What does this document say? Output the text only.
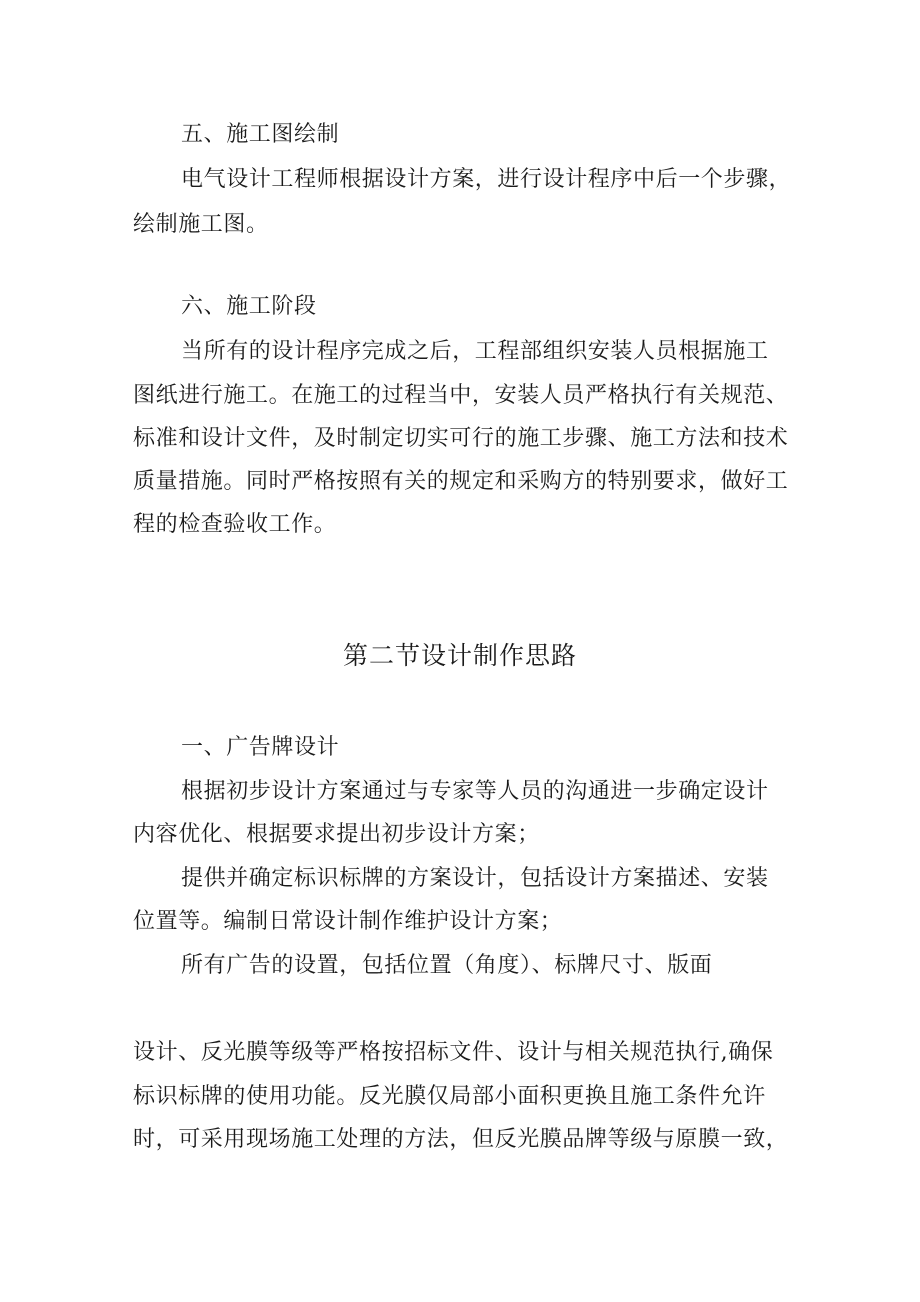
五、施工图绘制
电气设计工程师根据设计方案，进行设计程序中后一个步骤，
绘制施工图。
六、施工阶段
当所有的设计程序完成之后，工程部组织安装人员根据施工
图纸进行施工。在施工的过程当中，安装人员严格执行有关规范、
标准和设计文件，及时制定切实可行的施工步骤、施工方法和技术
质量措施。同时严格按照有关的规定和采购方的特别要求，做好工
程的检查验收工作。
第二节设计制作思路
一、广告牌设计
根据初步设计方案通过与专家等人员的沟通进一步确定设计
内容优化、根据要求提出初步设计方案；
提供并确定标识标牌的方案设计，包括设计方案描述、安装
位置等。编制日常设计制作维护设计方案；
所有广告的设置，包括位置（角度）、标牌尺寸、版面
设计、反光膜等级等严格按招标文件、设计与相关规范执行,确保
标识标牌的使用功能。反光膜仅局部小面积更换且施工条件允许
时，可采用现场施工处理的方法，但反光膜品牌等级与原膜一致，
